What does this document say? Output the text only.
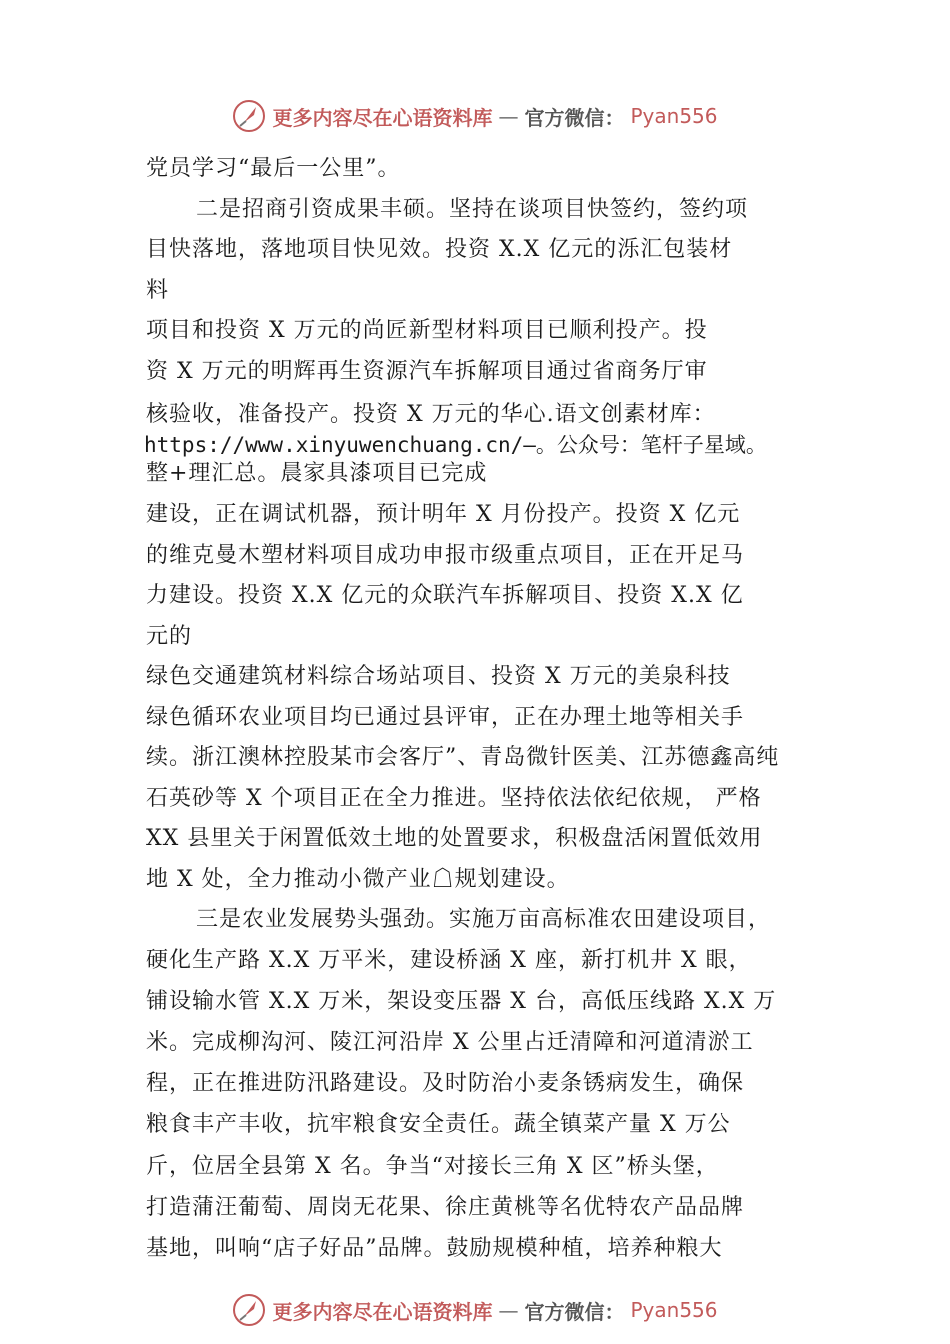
更多内容尽在心语资料库 — 官方微信： Pyan556
党员学习“最后一公里”。
二是招商引资成果丰硕。坚持在谈项目快签约，签约项
目快落地，落地项目快见效。投资 X.X 亿元的泺汇包装材
料
项目和投资 X 万元的尚匠新型材料项目已顺利投产。投
资 X 万元的明辉再生资源汽车拆解项目通过省商务厅审
核验收，准备投产。投资 X 万元的华心.语文创素材库：
https://www.xinyuwenchuang.cn/—。公众号：笔杆子星域。
整+理汇总。晨家具漆项目已完成
建设，正在调试机器，预计明年 X 月份投产。投资 X 亿元
的维克曼木塑材料项目成功申报市级重点项目，正在开足马
力建设。投资 X.X 亿元的众联汽车拆解项目、投资 X.X 亿
元的
绿色交通建筑材料综合场站项目、投资 X 万元的美泉科技
绿色循环农业项目均已通过县评审，正在办理土地等相关手
续。浙江澳林控股某市会客厅”、青岛微针医美、江苏德鑫高纯
石英砂等 X 个项目正在全力推进。坚持依法依纪依规， 严格
XX 县里关于闲置低效土地的处置要求，积极盘活闲置低效用
地 X 处，全力推动小微产业☖规划建设。
三是农业发展势头强劲。实施万亩高标准农田建设项目，
硬化生产路 X.X 万平米，建设桥涵 X 座，新打机井 X 眼，
铺设输水管 X.X 万米，架设变压器 X 台，高低压线路 X.X 万
米。完成柳沟河、陵江河沿岸 X 公里占迁清障和河道清淤工
程，正在推进防汛路建设。及时防治小麦条锈病发生，确保
粮食丰产丰收，抗牢粮食安全责任。蔬全镇菜产量 X 万公
斤，位居全县第 X 名。争当“对接长三角 X 区”桥头堡，
打造蒲汪葡萄、周岗无花果、徐庄黄桃等名优特农产品品牌
基地，叫响“店子好品”品牌。鼓励规模种植，培养种粮大
更多内容尽在心语资料库 — 官方微信： Pyan556
